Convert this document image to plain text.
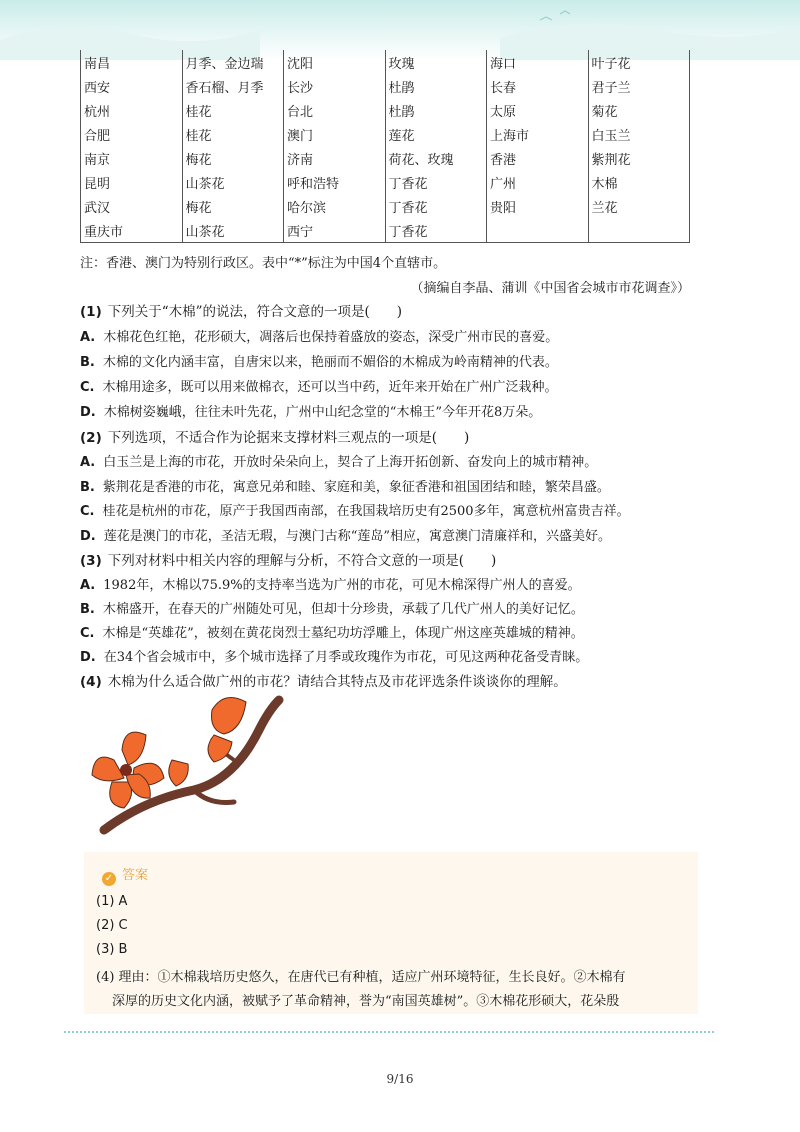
南昌	月季、金边瑞	沈阳	玫瑰	海口	叶子花
西安	香石榴、月季	长沙	杜鹃	长春	君子兰
杭州	桂花	台北	杜鹃	太原	菊花
合肥	桂花	澳门	莲花	上海市	白玉兰
南京	梅花	济南	荷花、玫瑰	香港	紫荆花
昆明	山茶花	呼和浩特	丁香花	广州	木棉
武汉	梅花	哈尔滨	丁香花	贵阳	兰花
重庆市	山茶花	西宁	丁香花		
注：香港、澳门为特别行政区。表中“*”标注为中国4个直辖市。
（摘编自李晶、蒲训《中国省会城市市花调查》）
(1) 下列关于“木棉”的说法，符合文意的一项是(　　)
A. 木棉花色红艳，花形硕大，凋落后也保持着盛放的姿态，深受广州市民的喜爱。
B. 木棉的文化内涵丰富，自唐宋以来，艳丽而不媚俗的木棉成为岭南精神的代表。
C. 木棉用途多，既可以用来做棉衣，还可以当中药，近年来开始在广州广泛栽种。
D. 木棉树姿巍峨，往往未叶先花，广州中山纪念堂的“木棉王”今年开花8万朵。
(2) 下列选项，不适合作为论据来支撑材料三观点的一项是(　　)
A. 白玉兰是上海的市花，开放时朵朵向上，契合了上海开拓创新、奋发向上的城市精神。
B. 紫荆花是香港的市花，寓意兄弟和睦、家庭和美，象征香港和祖国团结和睦，繁荣昌盛。
C. 桂花是杭州的市花，原产于我国西南部，在我国栽培历史有2500多年，寓意杭州富贵吉祥。
D. 莲花是澳门的市花，圣洁无瑕，与澳门古称“莲岛”相应，寓意澳门清廉祥和，兴盛美好。
(3) 下列对材料中相关内容的理解与分析，不符合文意的一项是(　　)
A. 1982年，木棉以75.9%的支持率当选为广州的市花，可见木棉深得广州人的喜爱。
B. 木棉盛开，在春天的广州随处可见，但却十分珍贵，承载了几代广州人的美好记忆。
C. 木棉是“英雄花”，被刻在黄花岗烈士墓纪功坊浮雕上，体现广州这座英雄城的精神。
D. 在34个省会城市中，多个城市选择了月季或玫瑰作为市花，可见这两种花备受青睐。
(4) 木棉为什么适合做广州的市花？请结合其特点及市花评选条件谈谈你的理解。
✓ 答案
(1) A
(2) C
(3) B
(4) 理由：①木棉栽培历史悠久，在唐代已有种植，适应广州环境特征，生长良好。②木棉有
深厚的历史文化内涵，被赋予了革命精神，誉为“南国英雄树”。③木棉花形硕大，花朵殷
9/16
